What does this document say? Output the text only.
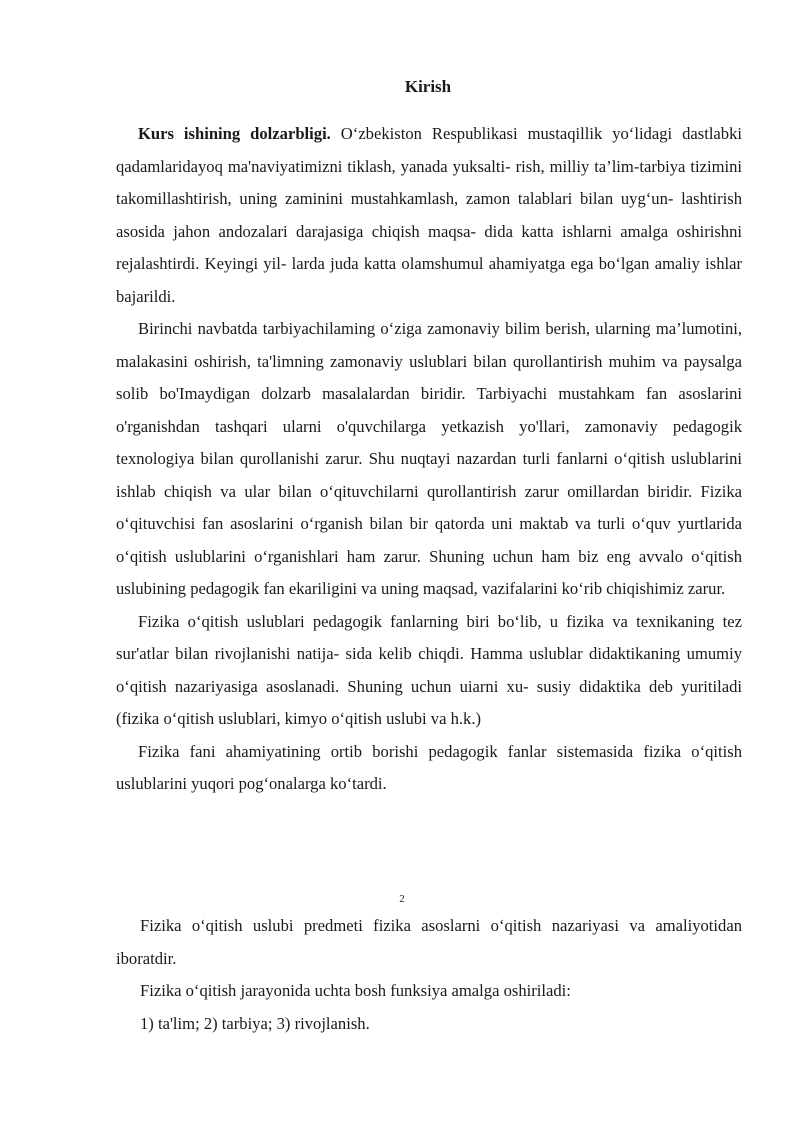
Kirish

Kurs ishining dolzarbligi. O‘zbekiston Respublikasi mustaqillik yo‘lidagi dastlabki qadamlaridayoq ma'naviyatimizni tiklash, yanada yuksalti- rish, milliy ta’lim-tarbiya tizimini takomillashtirish, uning zaminini mustahkamlash, zamon talablari bilan uyg‘un- lashtirish asosida jahon andozalari darajasiga chiqish maqsa- dida katta ishlarni amalga oshirishni rejalashtirdi. Keyingi yil- larda juda katta olamshumul ahamiyatga ega bo‘lgan amaliy ishlar bajarildi.

Birinchi navbatda tarbiyachilaming o‘ziga zamonaviy bilim berish, ularning ma’lumotini, malakasini oshirish, ta'limning zamonaviy uslublari bilan qurollantirish muhim va paysalga solib bo'Imaydigan dolzarb masalalardan biridir. Tarbiyachi mustahkam fan asoslarini o'rganishdan tashqari ularni o'quvchilarga yetkazish yo'llari, zamonaviy pedagogik texnologiya bilan qurollanishi zarur. Shu nuqtayi nazardan turli fanlarni o‘qitish uslublarini ishlab chiqish va ular bilan o‘qituvchilarni qurollantirish zarur omillardan biridir. Fizika o‘qituvchisi fan asoslarini o‘rganish bilan bir qatorda uni maktab va turli o‘quv yurtlarida o‘qitish uslublarini o‘rganishlari ham zarur. Shuning uchun ham biz eng avvalo o‘qitish uslubining pedagogik fan ekariligini va uning maqsad, vazifalarini ko‘rib chiqishimiz zarur.

Fizika o‘qitish uslublari pedagogik fanlarning biri bo‘lib, u fizika va texnikaning tez sur'atlar bilan rivojlanishi natija- sida kelib chiqdi. Hamma uslublar didaktikaning umumiy o‘qitish nazariyasiga asoslanadi. Shuning uchun uiarni xu- susiy didaktika deb yuritiladi (fizika o‘qitish uslublari, kimyo o‘qitish uslubi va h.k.)

Fizika fani ahamiyatining ortib borishi pedagogik fanlar sistemasida fizika o‘qitish uslublarini yuqori pog‘onalarga ko‘tardi.

2

Fizika o‘qitish uslubi predmeti fizika asoslarni o‘qitish nazariyasi va amaliyotidan iboratdir.

Fizika o‘qitish jarayonida uchta bosh funksiya amalga oshiriladi:

1) ta'lim; 2) tarbiya; 3) rivojlanish.
